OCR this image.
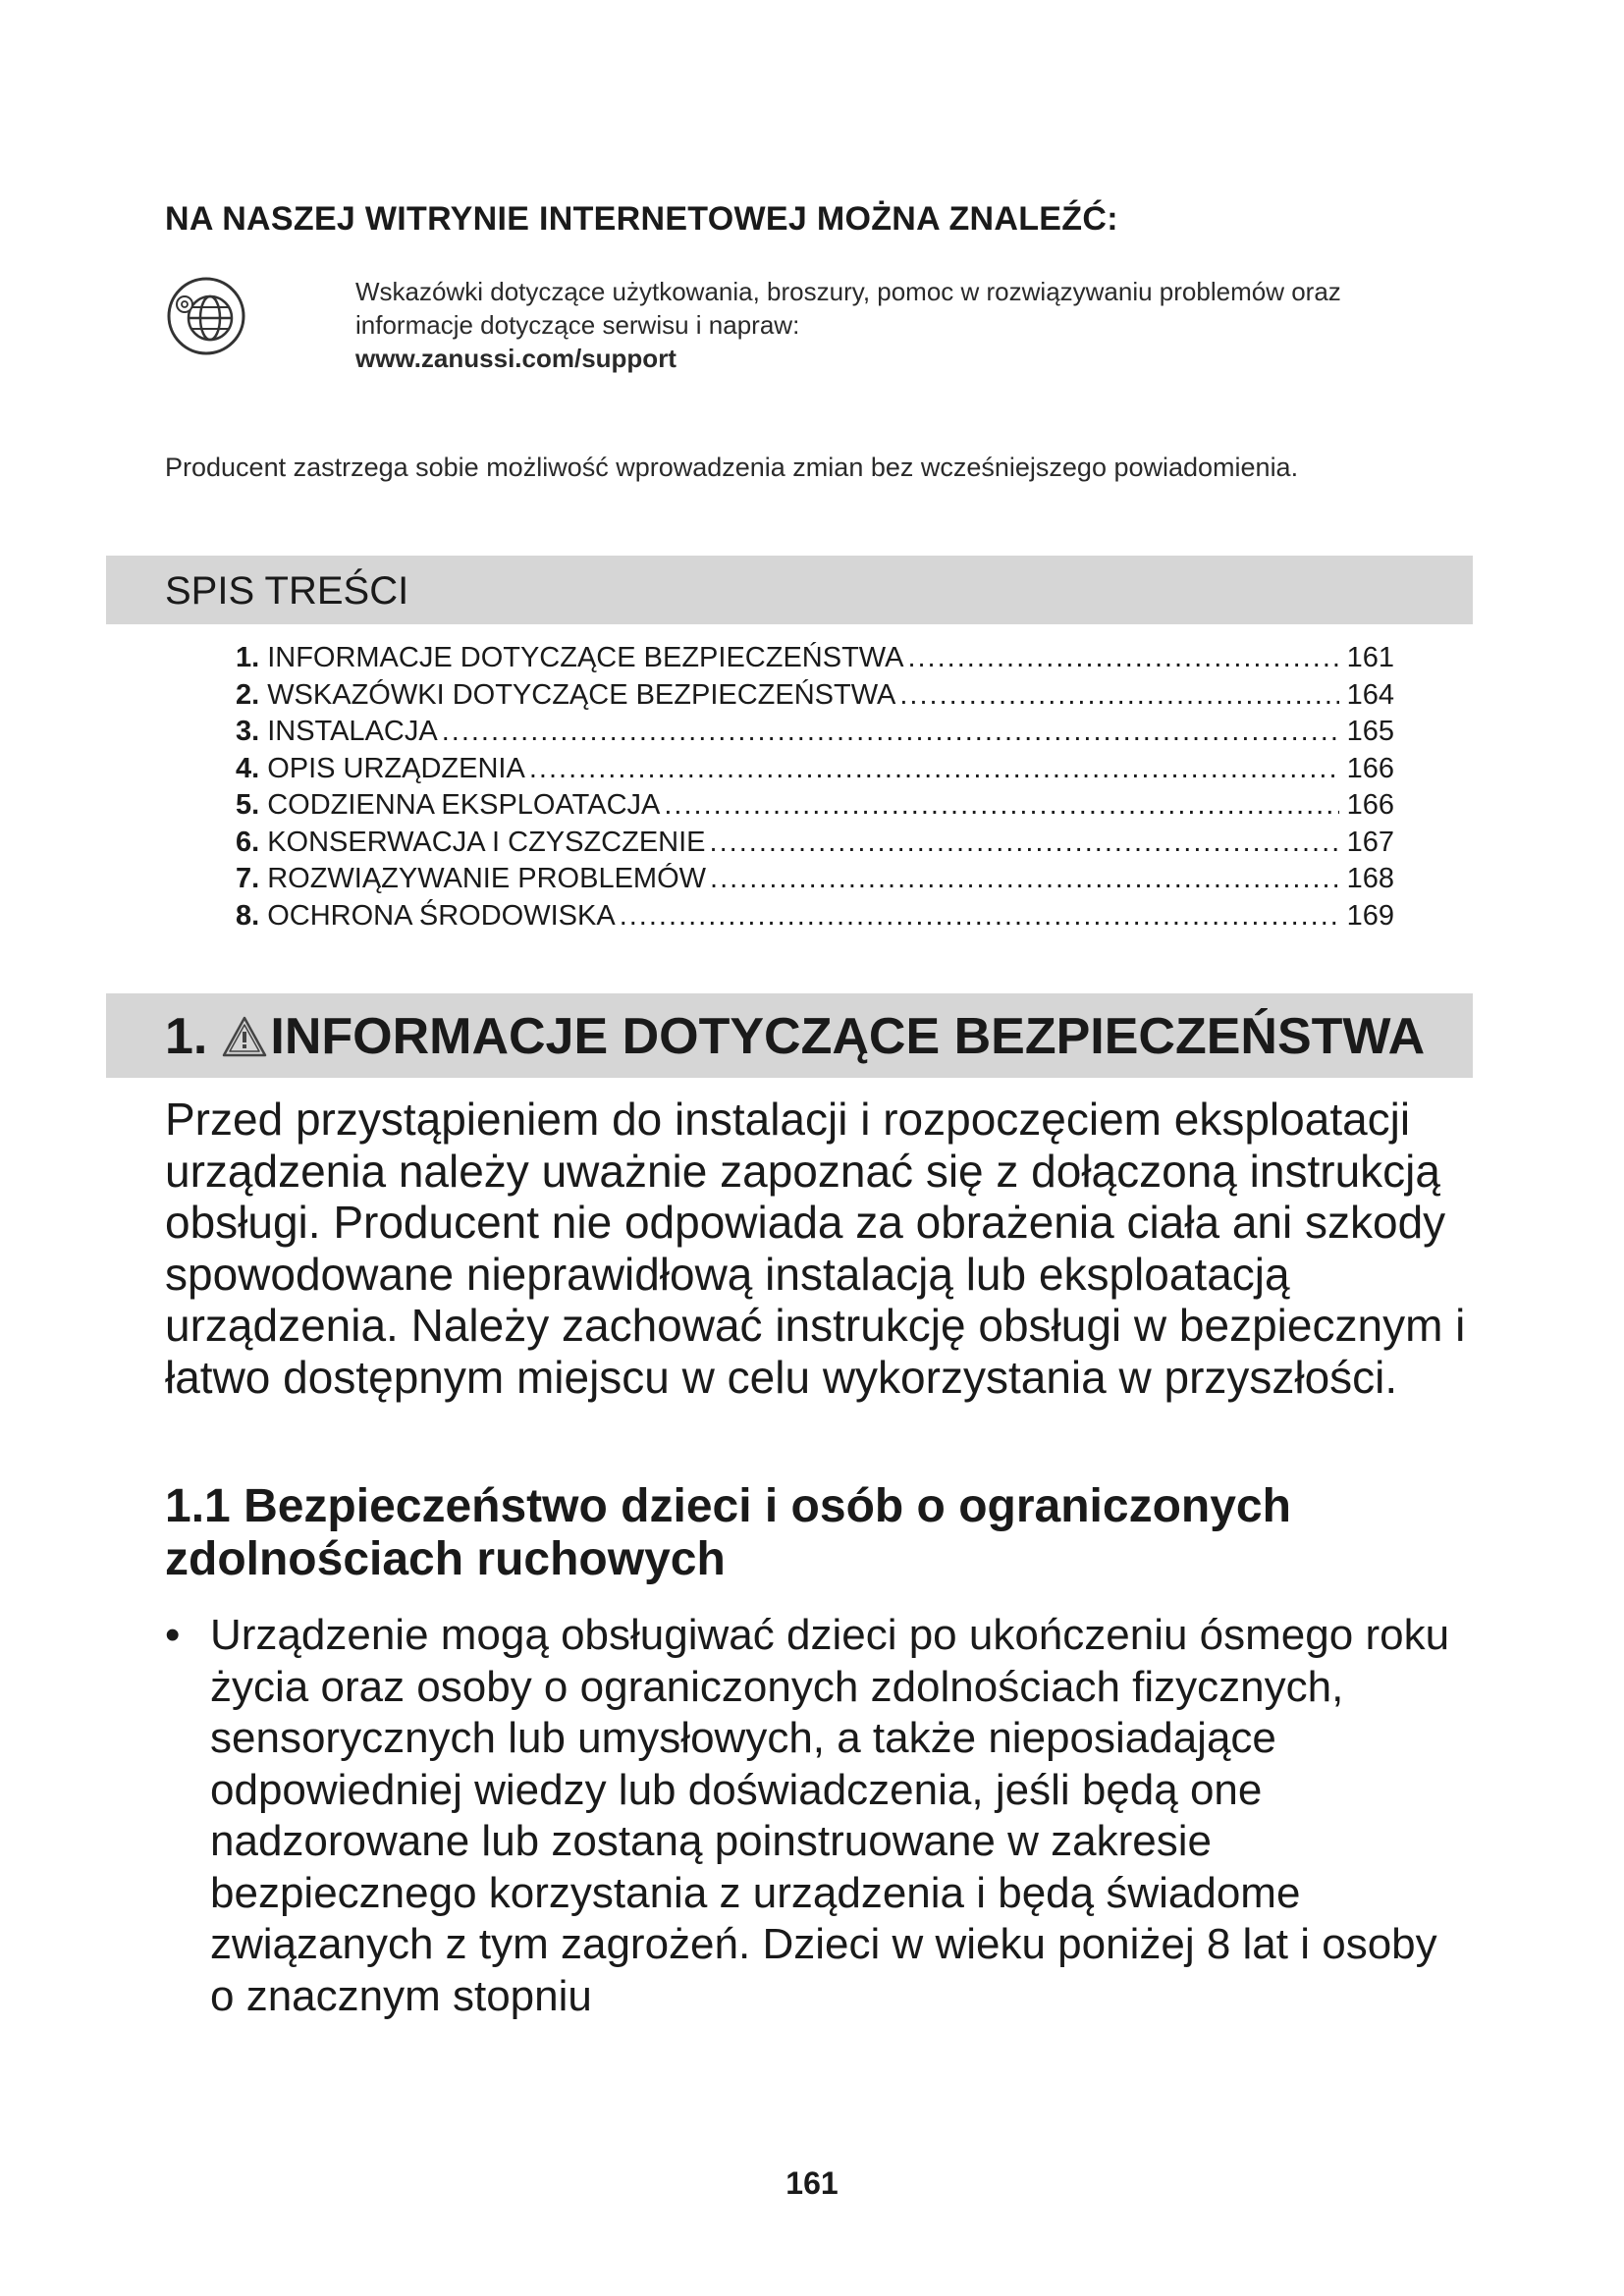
NA NASZEJ WITRYNIE INTERNETOWEJ MOŻNA ZNALEŹĆ:
Wskazówki dotyczące użytkowania, broszury, pomoc w rozwiązywaniu problemów oraz informacje dotyczące serwisu i napraw:
www.zanussi.com/support
Producent zastrzega sobie możliwość wprowadzenia zmian bez wcześniejszego powiadomienia.
SPIS TREŚCI
1. INFORMACJE DOTYCZĄCE BEZPIECZEŃSTWA .....	161
2. WSKAZÓWKI DOTYCZĄCE BEZPIECZEŃSTWA .....	164
3. INSTALACJA .....	165
4. OPIS URZĄDZENIA .....	166
5. CODZIENNA EKSPLOATACJA .....	166
6. KONSERWACJA I CZYSZCZENIE .....	167
7. ROZWIĄZYWANIE PROBLEMÓW .....	168
8. OCHRONA ŚRODOWISKA .....	169
1. INFORMACJE DOTYCZĄCE BEZPIECZEŃSTWA
Przed przystąpieniem do instalacji i rozpoczęciem eksploatacji urządzenia należy uważnie zapoznać się z dołączoną instrukcją obsługi. Producent nie odpowiada za obrażenia ciała ani szkody spowodowane nieprawidłową instalacją lub eksploatacją urządzenia. Należy zachować instrukcję obsługi w bezpiecznym i łatwo dostępnym miejscu w celu wykorzystania w przyszłości.
1.1 Bezpieczeństwo dzieci i osób o ograniczonych zdolnościach ruchowych
• Urządzenie mogą obsługiwać dzieci po ukończeniu ósmego roku życia oraz osoby o ograniczonych zdolnościach fizycznych, sensorycznych lub umysłowych, a także nieposiadające odpowiedniej wiedzy lub doświadczenia, jeśli będą one nadzorowane lub zostaną poinstruowane w zakresie bezpiecznego korzystania z urządzenia i będą świadome związanych z tym zagrożeń. Dzieci w wieku poniżej 8 lat i osoby o znacznym stopniu
161
